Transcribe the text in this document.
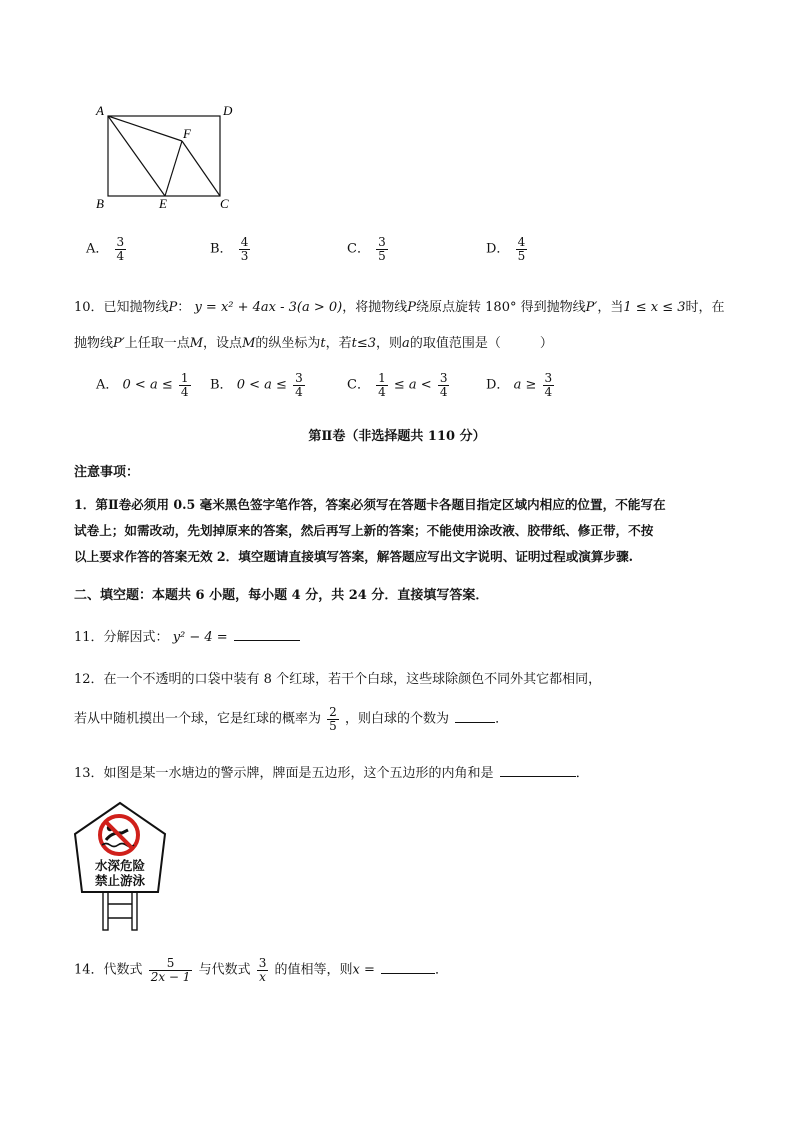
A	D
F
B	E	C
A． $\frac{3}{4}$	B． $\frac{4}{3}$	C． $\frac{3}{5}$	D． $\frac{4}{5}$
10．已知抛物线P： y = x² + 4ax - 3(a > 0)，将抛物线P绕原点旋转 180° 得到抛物线P′，当1 ≤ x ≤ 3时，在
抛物线P′上任取一点M，设点M的纵坐标为t，若t≤3，则a的取值范围是（　　　）
A． $0 < a \le \frac{1}{4}$ B． $0 < a \le \frac{3}{4}$	C． $\frac{1}{4} \le a < \frac{3}{4}$	D． $a \ge \frac{3}{4}$
第Ⅱ卷（非选择题共 110 分）
注意事项：
1．第Ⅱ卷必须用 0.5 毫米黑色签字笔作答，答案必须写在答题卡各题目指定区域内相应的位置，不能写在
试卷上；如需改动，先划掉原来的答案，然后再写上新的答案；不能使用涂改液、胶带纸、修正带，不按
以上要求作答的答案无效 2．填空题请直接填写答案，解答题应写出文字说明、证明过程或演算步骤.
二、填空题：本题共 6 小题，每小题 4 分，共 24 分．直接填写答案．
11．分解因式： y² − 4 =
12．在一个不透明的口袋中装有 8 个红球，若干个白球，这些球除颜色不同外其它都相同，
若从中随机摸出一个球，它是红球的概率为 $\frac{2}{5}$ ，则白球的个数为	．
13．如图是某一水塘边的警示牌，牌面是五边形，这个五边形的内角和是	．
水深危险
禁止游泳
14．代数式 $\frac{5}{2x - 1}$ 与代数式 $\frac{3}{x}$ 的值相等，则x =	．
